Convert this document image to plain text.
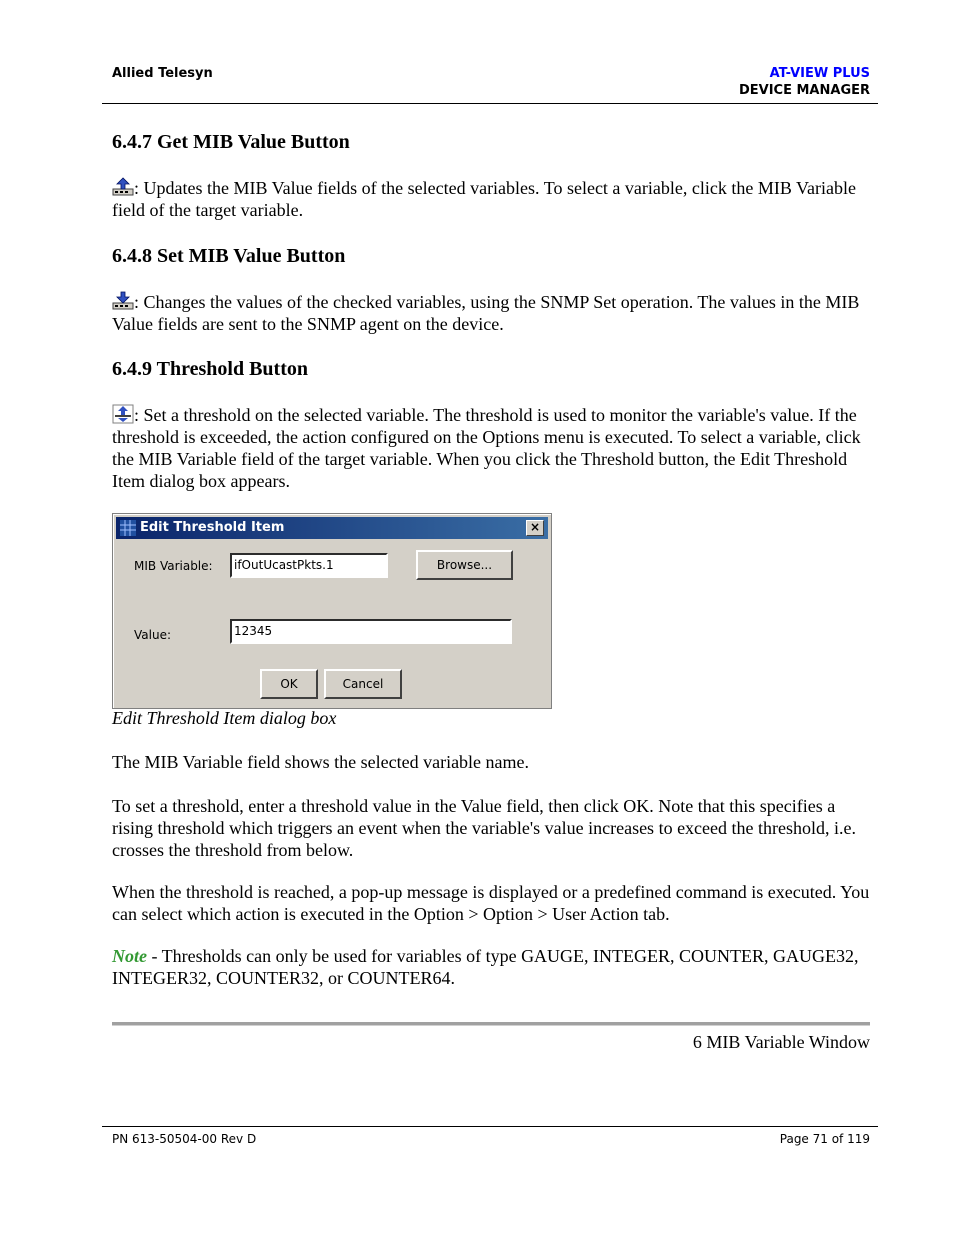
Allied Telesyn	AT-VIEW PLUS
DEVICE MANAGER
6.4.7 Get MIB Value Button
: Updates the MIB Value fields of the selected variables. To select a variable, click the MIB Variable field of the target variable.
6.4.8 Set MIB Value Button
: Changes the values of the checked variables, using the SNMP Set operation. The values in the MIB Value fields are sent to the SNMP agent on the device.
6.4.9 Threshold Button
: Set a threshold on the selected variable. The threshold is used to monitor the variable's value. If the threshold is exceeded, the action configured on the Options menu is executed. To select a variable, click the MIB Variable field of the target variable. When you click the Threshold button, the Edit Threshold Item dialog box appears.
Edit Threshold Item	×
MIB Variable:	ifOutUcastPkts.1	Browse...
Value:	12345
OK	Cancel
Edit Threshold Item dialog box
The MIB Variable field shows the selected variable name.
To set a threshold, enter a threshold value in the Value field, then click OK. Note that this specifies a rising threshold which triggers an event when the variable's value increases to exceed the threshold, i.e. crosses the threshold from below.
When the threshold is reached, a pop-up message is displayed or a predefined command is executed. You can select which action is executed in the Option > Option > User Action tab.
Note - Thresholds can only be used for variables of type GAUGE, INTEGER, COUNTER, GAUGE32, INTEGER32, COUNTER32, or COUNTER64.
6 MIB Variable Window
PN 613-50504-00 Rev D	Page 71 of 119
